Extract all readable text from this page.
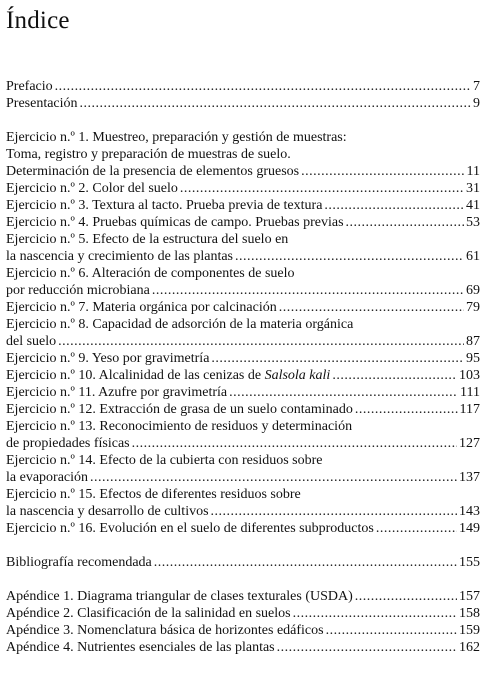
Índice
Prefacio .....	7
Presentación .....	9
Ejercicio n.º 1. Muestreo, preparación y gestión de muestras:
Toma, registro y preparación de muestras de suelo.
Determinación de la presencia de elementos gruesos .....	11
Ejercicio n.º 2. Color del suelo .....	31
Ejercicio n.º 3. Textura al tacto. Prueba previa de textura .....	41
Ejercicio n.º 4. Pruebas químicas de campo. Pruebas previas .....	53
Ejercicio n.º 5. Efecto de la estructura del suelo en
la nascencia y crecimiento de las plantas .....	61
Ejercicio n.º 6. Alteración de componentes de suelo
por reducción microbiana .....	69
Ejercicio n.º 7. Materia orgánica por calcinación .....	79
Ejercicio n.º 8. Capacidad de adsorción de la materia orgánica
del suelo .....	87
Ejercicio n.º 9. Yeso por gravimetría .....	95
Ejercicio n.º 10. Alcalinidad de las cenizas de Salsola kali .....	103
Ejercicio n.º 11. Azufre por gravimetría .....	111
Ejercicio n.º 12. Extracción de grasa de un suelo contaminado .....	117
Ejercicio n.º 13. Reconocimiento de residuos y determinación
de propiedades físicas .....	127
Ejercicio n.º 14. Efecto de la cubierta con residuos sobre
la evaporación .....	137
Ejercicio n.º 15. Efectos de diferentes residuos sobre
la nascencia y desarrollo de cultivos .....	143
Ejercicio n.º 16. Evolución en el suelo de diferentes subproductos .....	149
Bibliografía recomendada .....	155
Apéndice 1. Diagrama triangular de clases texturales (USDA) .....	157
Apéndice 2. Clasificación de la salinidad en suelos .....	158
Apéndice 3. Nomenclatura básica de horizontes edáficos .....	159
Apéndice 4. Nutrientes esenciales de las plantas .....	162
